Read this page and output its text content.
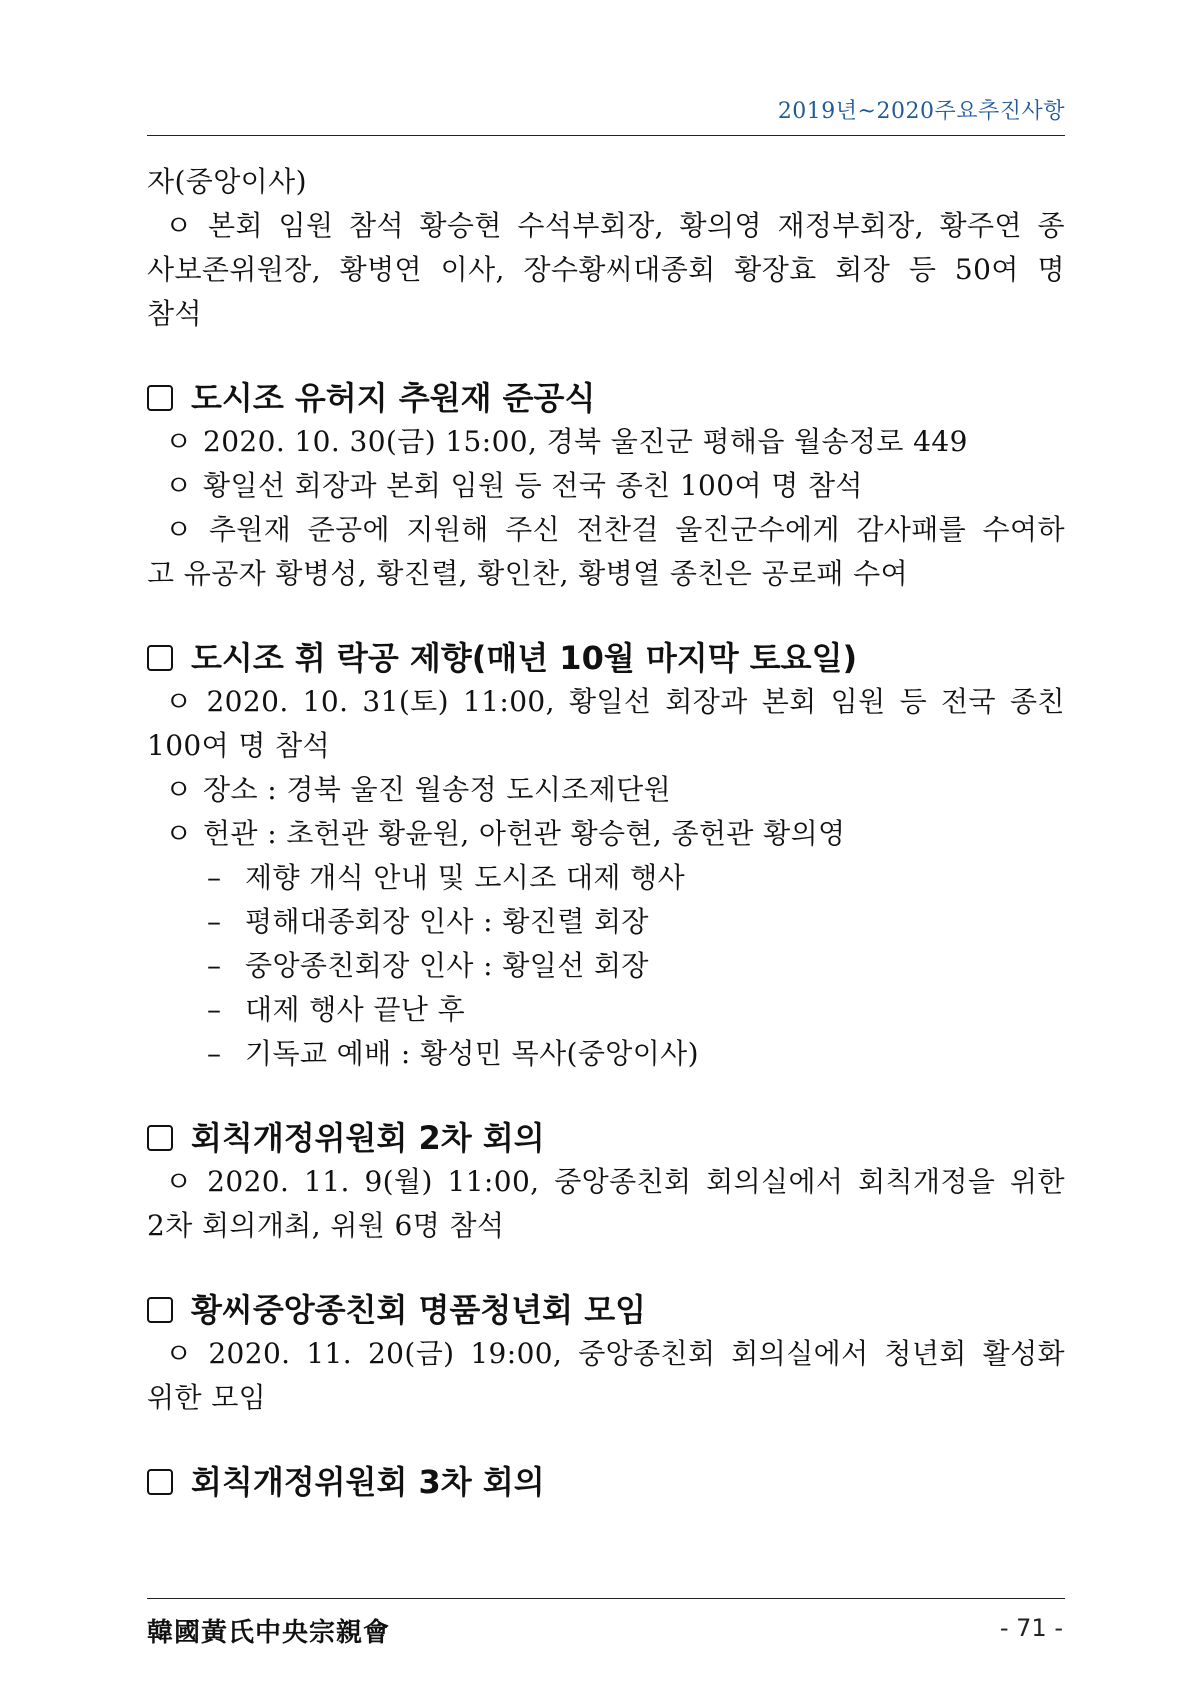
2019년~2020주요추진사항
자(중앙이사)
ㅇ 본회 임원 참석 황승현 수석부회장, 황의영 재정부회장, 황주연 종
사보존위원장, 황병연 이사, 장수황씨대종회 황장효 회장 등 50여 명
참석
도시조 유허지 추원재 준공식
ㅇ 2020. 10. 30(금) 15:00, 경북 울진군 평해읍 월송정로 449
ㅇ 황일선 회장과 본회 임원 등 전국 종친 100여 명 참석
ㅇ 추원재 준공에 지원해 주신 전찬걸 울진군수에게 감사패를 수여하
고 유공자 황병성, 황진렬, 황인찬, 황병열 종친은 공로패 수여
도시조 휘 락공 제향(매년 10월 마지막 토요일)
ㅇ 2020. 10. 31(토) 11:00, 황일선 회장과 본회 임원 등 전국 종친
100여 명 참석
ㅇ 장소 : 경북 울진 월송정 도시조제단원
ㅇ 헌관 : 초헌관 황윤원, 아헌관 황승현, 종헌관 황의영
– 제향 개식 안내 및 도시조 대제 행사
– 평해대종회장 인사 : 황진렬 회장
– 중앙종친회장 인사 : 황일선 회장
– 대제 행사 끝난 후
– 기독교 예배 : 황성민 목사(중앙이사)
회칙개정위원회 2차 회의
ㅇ 2020. 11. 9(월) 11:00, 중앙종친회 회의실에서 회칙개정을 위한
2차 회의개최, 위원 6명 참석
황씨중앙종친회 명품청년회 모임
ㅇ 2020. 11. 20(금) 19:00, 중앙종친회 회의실에서 청년회 활성화
위한 모임
회칙개정위원회 3차 회의
韓國黃氏中央宗親會	- 71 -
